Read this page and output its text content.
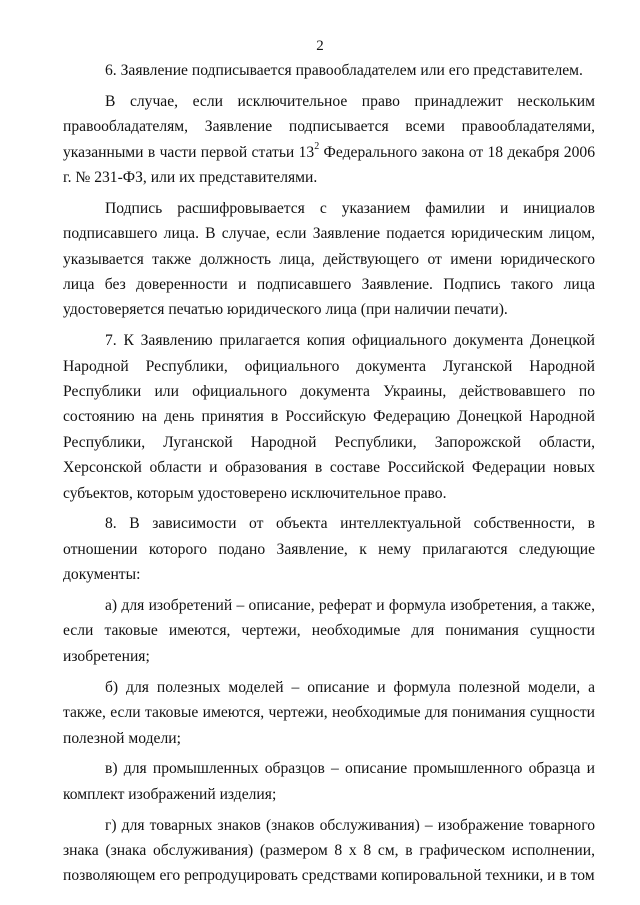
2

6. Заявление подписывается правообладателем или его представителем.

В случае, если исключительное право принадлежит нескольким правообладателям, Заявление подписывается всеми правообладателями, указанными в части первой статьи $13^2$ Федерального закона от 18 декабря 2006 г. № 231-ФЗ, или их представителями.

Подпись расшифровывается с указанием фамилии и инициалов подписавшего лица. В случае, если Заявление подается юридическим лицом, указывается также должность лица, действующего от имени юридического лица без доверенности и подписавшего Заявление. Подпись такого лица удостоверяется печатью юридического лица (при наличии печати).

7. К Заявлению прилагается копия официального документа Донецкой Народной Республики, официального документа Луганской Народной Республики или официального документа Украины, действовавшего по состоянию на день принятия в Российскую Федерацию Донецкой Народной Республики, Луганской Народной Республики, Запорожской области, Херсонской области и образования в составе Российской Федерации новых субъектов, которым удостоверено исключительное право.

8. В зависимости от объекта интеллектуальной собственности, в отношении которого подано Заявление, к нему прилагаются следующие документы:

а) для изобретений – описание, реферат и формула изобретения, а также, если таковые имеются, чертежи, необходимые для понимания сущности изобретения;

б) для полезных моделей – описание и формула полезной модели, а также, если таковые имеются, чертежи, необходимые для понимания сущности полезной модели;

в) для промышленных образцов – описание промышленного образца и комплект изображений изделия;

г) для товарных знаков (знаков обслуживания) – изображение товарного знака (знака обслуживания) (размером 8 х 8 см, в графическом исполнении, позволяющем его репродуцировать средствами копировальной техники, и в том
